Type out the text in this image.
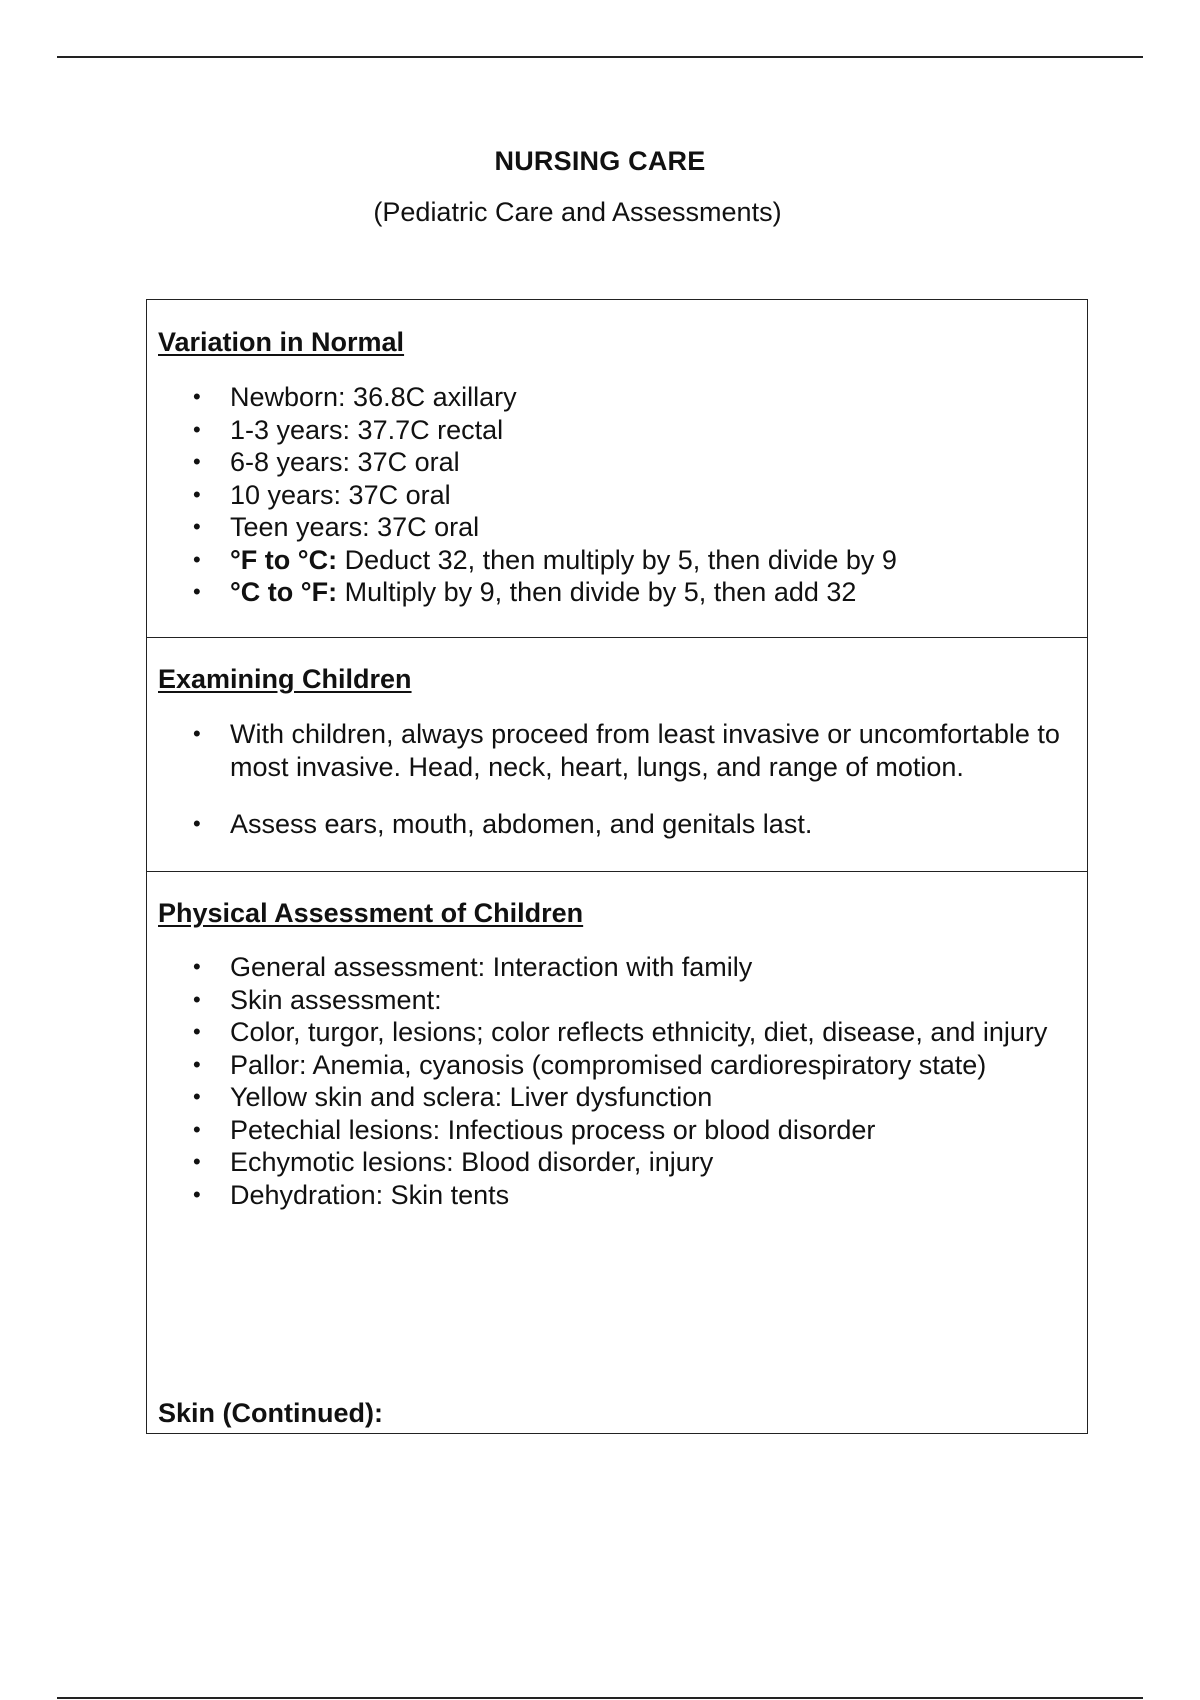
NURSING CARE
(Pediatric Care and Assessments)
Variation in Normal
• Newborn: 36.8C axillary
• 1-3 years: 37.7C rectal
• 6-8 years: 37C oral
• 10 years: 37C oral
• Teen years: 37C oral
• °F to °C: Deduct 32, then multiply by 5, then divide by 9
• °C to °F: Multiply by 9, then divide by 5, then add 32
Examining Children
• With children, always proceed from least invasive or uncomfortable to most invasive. Head, neck, heart, lungs, and range of motion.
• Assess ears, mouth, abdomen, and genitals last.
Physical Assessment of Children
• General assessment: Interaction with family
• Skin assessment:
• Color, turgor, lesions; color reflects ethnicity, diet, disease, and injury
• Pallor: Anemia, cyanosis (compromised cardiorespiratory state)
• Yellow skin and sclera: Liver dysfunction
• Petechial lesions: Infectious process or blood disorder
• Echymotic lesions: Blood disorder, injury
• Dehydration: Skin tents
Skin (Continued):
